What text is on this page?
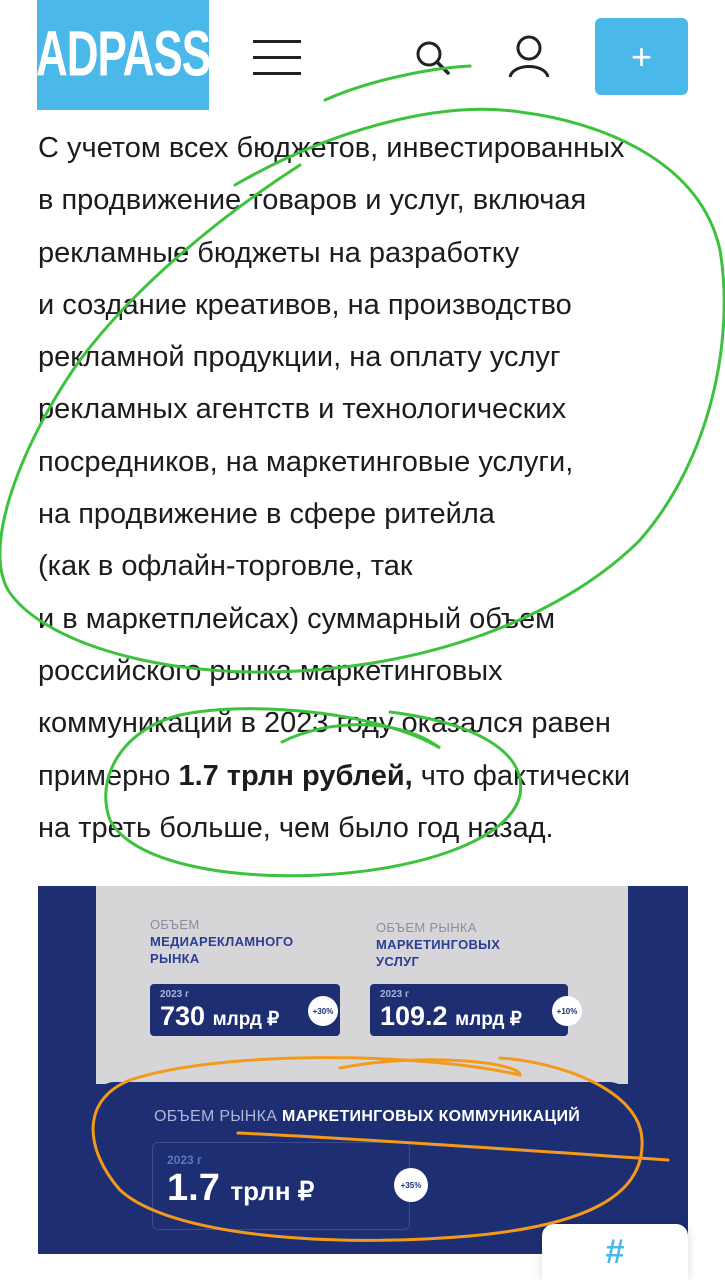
ADPASS	+

С учетом всех бюджетов, инвестированных

в продвижение товаров и услуг, включая

рекламные бюджеты на разработку

и создание креативов, на производство

рекламной продукции, на оплату услуг

рекламных агентств и технологических

посредников, на маркетинговые услуги,

на продвижение в сфере ритейла

(как в офлайн-торговле, так

и в маркетплейсах) суммарный объем

российского рынка маркетинговых

коммуникаций в 2023 году оказался равен

примерно 1.7 трлн рублей, что фактически

на треть больше, чем было год назад.

ОБЪЕМ
МЕДИАРЕКЛАМНОГО
РЫНКА
2023 г
730 млрд ₽	+30%
ОБЪЕМ РЫНКА
МАРКЕТИНГОВЫХ
УСЛУГ
2023 г
109.2 млрд ₽	+10%
ОБЪЕМ РЫНКА МАРКЕТИНГОВЫХ КОММУНИКАЦИЙ
2023 г
1.7 трлн ₽	+35%
#
